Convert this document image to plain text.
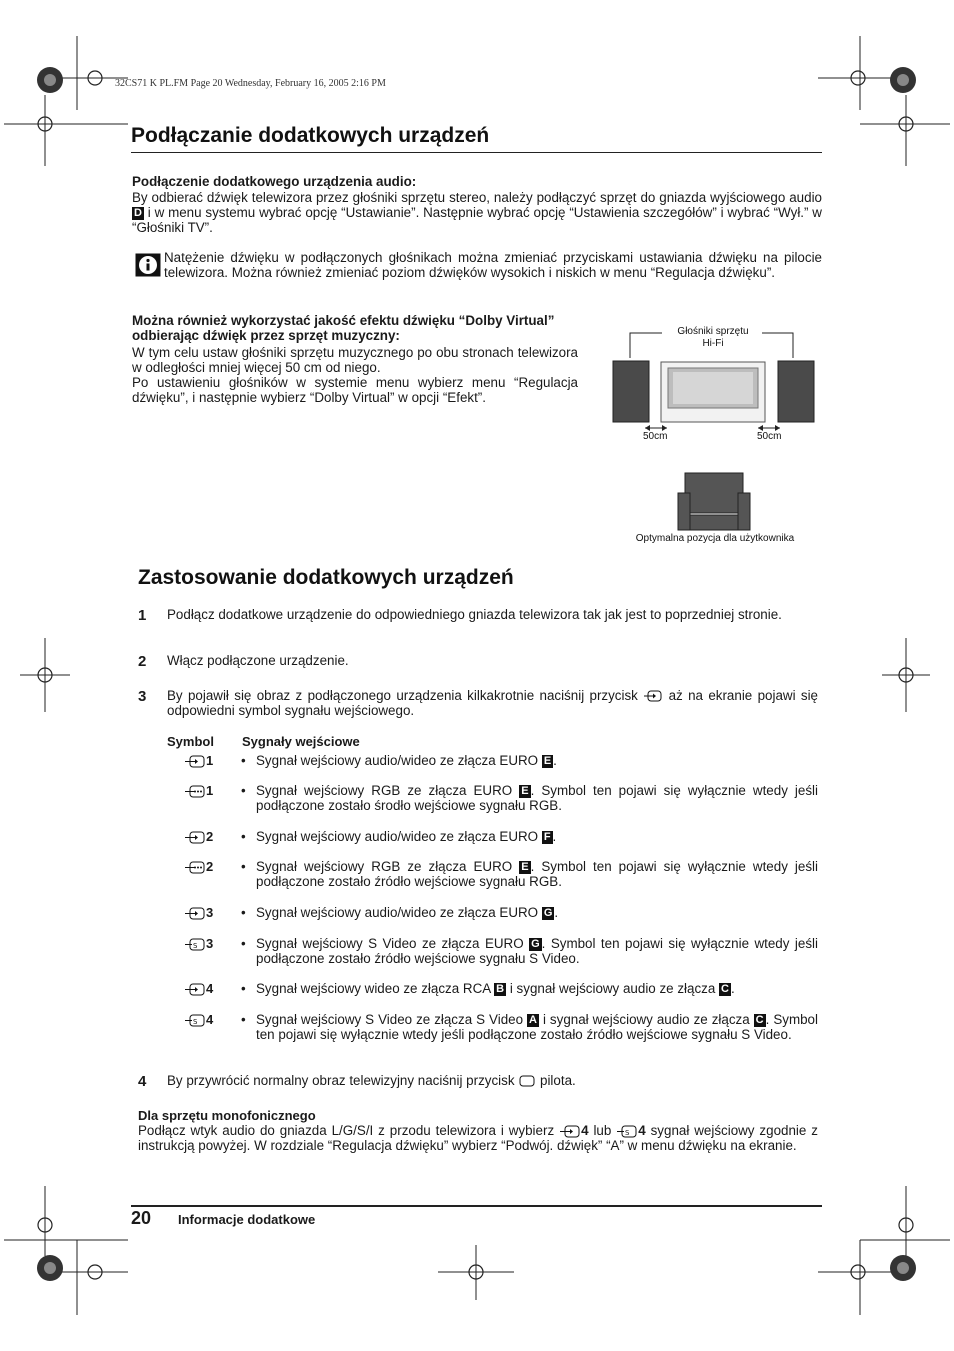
32CS71 K PL.FM Page 20 Wednesday, February 16, 2005 2:16 PM
Podłączanie dodatkowych urządzeń
Podłączenie dodatkowego urządzenia audio:
By odbierać dźwięk telewizora przez głośniki sprzętu stereo, należy podłączyć sprzęt do gniazda wyjściowego audio D i w menu systemu wybrać opcję “Ustawianie”. Następnie wybrać opcję “Ustawienia szczegółów” i wybrać “Wył.” w “Głośniki TV”.
Natężenie dźwięku w podłączonych głośnikach można zmieniać przyciskami ustawiania dźwięku na pilocie telewizora. Można również zmieniać poziom dźwięków wysokich i niskich w menu “Regulacja dźwięku”.
Można również wykorzystać jakość efektu dźwięku “Dolby Virtual” odbierając dźwięk przez sprzęt muzyczny:
W tym celu ustaw głośniki sprzętu muzycznego po obu stronach telewizora w odległości mniej więcej 50 cm od niego.
Po ustawieniu głośników w systemie menu wybierz menu “Regulacja dźwięku”, i następnie wybierz “Dolby Virtual” w opcji “Efekt”.
Głośniki sprzętu
Hi-Fi
50cm	50cm
Optymalna pozycja dla użytkownika
Zastosowanie dodatkowych urządzeń
1 Podłącz dodatkowe urządzenie do odpowiedniego gniazda telewizora tak jak jest to poprzedniej stronie.
2 Włącz podłączone urządzenie.
3 By pojawił się obraz z podłączonego urządzenia kilkakrotnie naciśnij przycisk aż na ekranie pojawi się odpowiedni symbol sygnału wejściowego.
Symbol Sygnały wejściowe
1 • Sygnał wejściowy audio/wideo ze złącza EURO E .
1 • Sygnał wejściowy RGB ze złącza EURO E . Symbol ten pojawi się wyłącznie wtedy jeśli podłączone zostało środło wejściowe sygnału RGB.
2 • Sygnał wejściowy audio/wideo ze złącza EURO F .
2 • Sygnał wejściowy RGB ze złącza EURO E . Symbol ten pojawi się wyłącznie wtedy jeśli podłączone zostało źródło wejściowe sygnału RGB.
3 • Sygnał wejściowy audio/wideo ze złącza EURO G .
S 3 • Sygnał wejściowy S Video ze złącza EURO G . Symbol ten pojawi się wyłącznie wtedy jeśli podłączone zostało źródło wejściowe sygnału S Video.
4 • Sygnał wejściowy wideo ze złącza RCA B i sygnał wejściowy audio ze złącza C .
S 4 • Sygnał wejściowy S Video ze złącza S Video A i sygnał wejściowy audio ze złącza C . Symbol ten pojawi się wyłącznie wtedy jeśli podłączone zostało źródło wejściowe sygnału S Video.
4 By przywrócić normalny obraz telewizyjny naciśnij przycisk pilota.
Dla sprzętu monofonicznego
Podłącz wtyk audio do gniazda L/G/S/I z przodu telewizora i wybierz 4 lub S 4 sygnał wejściowy zgodnie z instrukcją powyżej. W rozdziale “Regulacja dźwięku” wybierz “Podwój. dźwięk” “A” w menu dźwięku na ekranie.
20 Informacje dodatkowe
